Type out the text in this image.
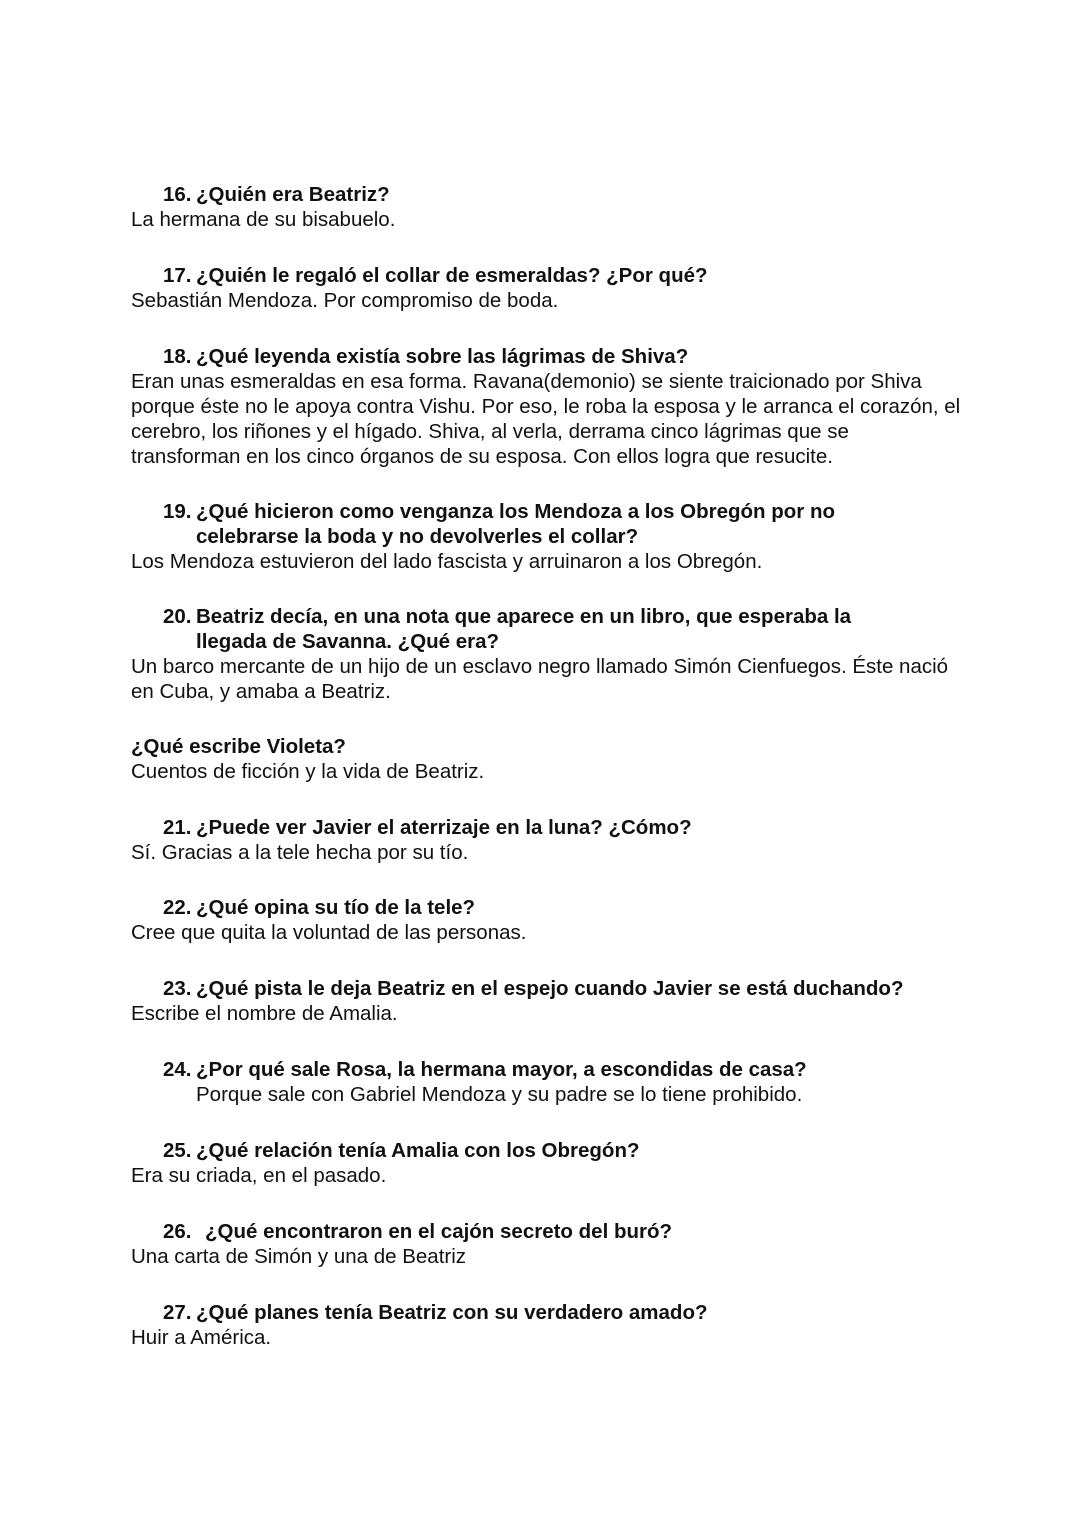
16. ¿Quién era Beatriz?
La hermana de su bisabuelo.
17. ¿Quién le regaló el collar de esmeraldas? ¿Por qué?
Sebastián Mendoza. Por compromiso de boda.
18. ¿Qué leyenda existía sobre las lágrimas de Shiva?
Eran unas esmeraldas en esa forma. Ravana(demonio) se siente traicionado por Shiva porque éste no le apoya contra Vishu. Por eso, le roba la esposa y le arranca el corazón, el cerebro, los riñones y el hígado. Shiva, al verla, derrama cinco lágrimas que se transforman en los cinco órganos de su esposa. Con ellos logra que resucite.
19. ¿Qué hicieron como venganza los Mendoza a los Obregón por no celebrarse la boda y no devolverles el collar?
Los Mendoza estuvieron del lado fascista y arruinaron a los Obregón.
20. Beatriz decía, en una nota que aparece en un libro, que esperaba la llegada de Savanna. ¿Qué era?
Un barco mercante de un hijo de un esclavo negro llamado Simón Cienfuegos. Éste nació en Cuba, y amaba a Beatriz.
¿Qué escribe Violeta?
Cuentos de ficción y la vida de Beatriz.
21. ¿Puede ver Javier el aterrizaje en la luna? ¿Cómo?
Sí. Gracias a la tele hecha por su tío.
22. ¿Qué opina su tío de la tele?
Cree que quita la voluntad de las personas.
23. ¿Qué pista le deja Beatriz en el espejo cuando Javier se está duchando?
Escribe el nombre de Amalia.
24. ¿Por qué sale Rosa, la hermana mayor, a escondidas de casa?
Porque sale con Gabriel Mendoza y su padre se lo tiene prohibido.
25. ¿Qué relación tenía Amalia con los Obregón?
Era su criada, en el pasado.
26. ¿Qué encontraron en el cajón secreto del buró?
Una carta de Simón y una de Beatriz
27. ¿Qué planes tenía Beatriz con su verdadero amado?
Huir a América.
